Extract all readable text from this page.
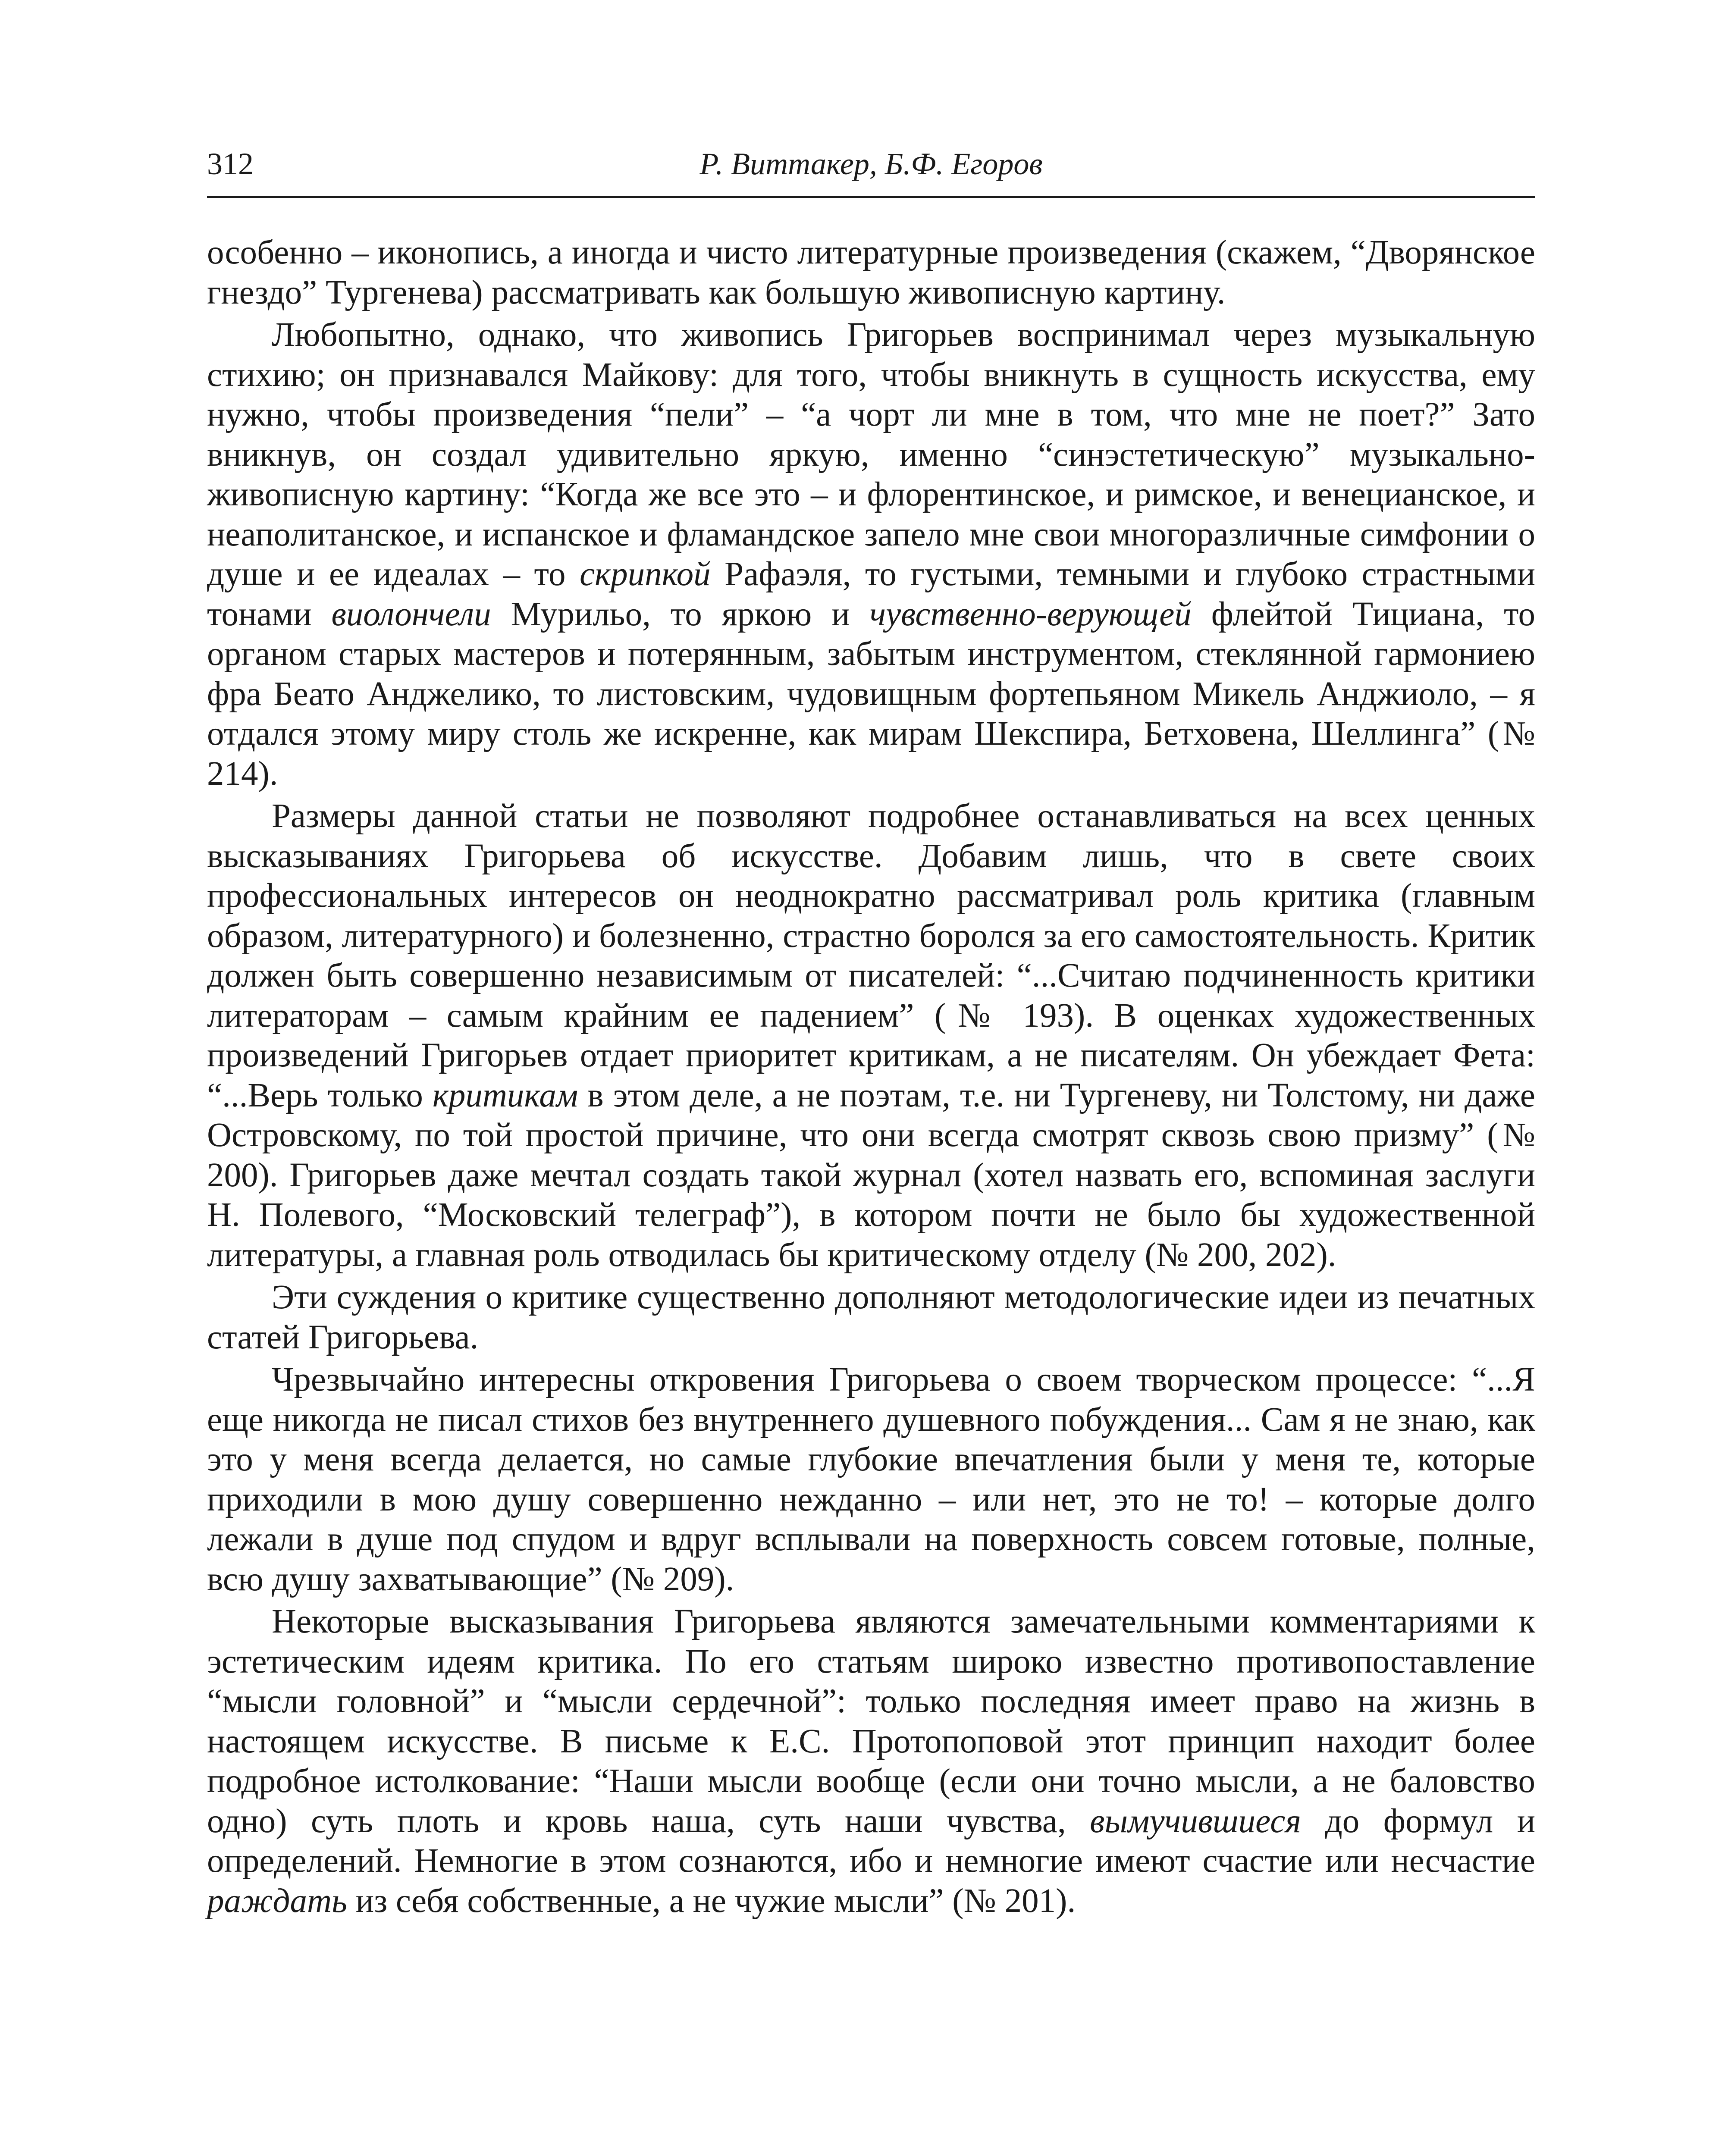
312	Р. Виттакер, Б.Ф. Егоров

особенно – иконопись, а иногда и чисто литературные произведения (скажем, “Дворянское гнездо” Тургенева) рассматривать как большую живописную картину.

Любопытно, однако, что живопись Григорьев воспринимал через музыкальную стихию; он признавался Майкову: для того, чтобы вникнуть в сущность искусства, ему нужно, чтобы произведения “пели” – “а чорт ли мне в том, что мне не поет?” Зато вникнув, он создал удивительно яркую, именно “синэстетическую” музыкально-живописную картину: “Когда же все это – и флорентинское, и римское, и венецианское, и неаполитанское, и испанское и фламандское запело мне свои многоразличные симфонии о душе и ее идеалах – то скрипкой Рафаэля, то густыми, темными и глубоко страстными тонами виолончели Мурильо, то яркою и чувственно-верующей флейтой Тициана, то органом старых мастеров и потерянным, забытым инструментом, стеклянной гармониею фра Беато Анджелико, то листовским, чудовищным фортепьяном Микель Анджиоло, – я отдался этому миру столь же искренне, как мирам Шекспира, Бетховена, Шеллинга” (№ 214).

Размеры данной статьи не позволяют подробнее останавливаться на всех ценных высказываниях Григорьева об искусстве. Добавим лишь, что в свете своих профессиональных интересов он неоднократно рассматривал роль критика (главным образом, литературного) и болезненно, страстно боролся за его самостоятельность. Критик должен быть совершенно независимым от писателей: “...Считаю подчиненность критики литераторам – самым крайним ее падением” (№ 193). В оценках художественных произведений Григорьев отдает приоритет критикам, а не писателям. Он убеждает Фета: “...Верь только критикам в этом деле, а не поэтам, т.е. ни Тургеневу, ни Толстому, ни даже Островскому, по той простой причине, что они всегда смотрят сквозь свою призму” (№ 200). Григорьев даже мечтал создать такой журнал (хотел назвать его, вспоминая заслуги Н. Полевого, “Московский телеграф”), в котором почти не было бы художественной литературы, а главная роль отводилась бы критическому отделу (№ 200, 202).

Эти суждения о критике существенно дополняют методологические идеи из печатных статей Григорьева.

Чрезвычайно интересны откровения Григорьева о своем творческом процессе: “...Я еще никогда не писал стихов без внутреннего душевного побуждения... Сам я не знаю, как это у меня всегда делается, но самые глубокие впечатления были у меня те, которые приходили в мою душу совершенно нежданно – или нет, это не то! – которые долго лежали в душе под спудом и вдруг всплывали на поверхность совсем готовые, полные, всю душу захватывающие” (№ 209).

Некоторые высказывания Григорьева являются замечательными комментариями к эстетическим идеям критика. По его статьям широко известно противопоставление “мысли головной” и “мысли сердечной”: только последняя имеет право на жизнь в настоящем искусстве. В письме к Е.С. Протопоповой этот принцип находит более подробное истолкование: “Наши мысли вообще (если они точно мысли, а не баловство одно) суть плоть и кровь наша, суть наши чувства, вымучившиеся до формул и определений. Немногие в этом сознаются, ибо и немногие имеют счастие или несчастие раждать из себя собственные, а не чужие мысли” (№ 201).
